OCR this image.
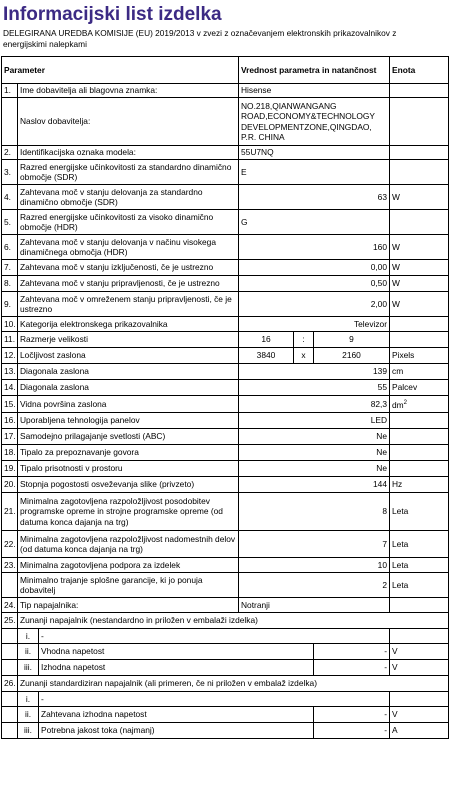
Informacijski list izdelka
DELEGIRANA UREDBA KOMISIJE (EU) 2019/2013 v zvezi z označevanjem elektronskih prikazovalnikov z energijskimi nalepkami
Parameter			Vrednost parametra in natančnost			Enota
1.	Ime dobavitelja ali blagovna znamka:		Hisense			
	Naslov dobavitelja:		NO.218,QIANWANGANG ROAD,ECONOMY&TECHNOLOGY DEVELOPMENTZONE,QINGDAO, P.R. CHINA			
2.	Identifikacijska oznaka modela:		55U7NQ			
3.	Razred energijske učinkovitosti za standardno dinamično območje (SDR)		E			
4.	Zahtevana moč v stanju delovanja za standardno dinamično območje (SDR)		63			W
5.	Razred energijske učinkovitosti za visoko dinamično območje (HDR)		G			
6.	Zahtevana moč v stanju delovanja v načinu visokega dinamičnega območja (HDR)		160			W
7.	Zahtevana moč v stanju izključenosti, če je ustrezno		0,00			W
8.	Zahtevana moč v stanju pripravljenosti, če je ustrezno		0,50			W
9.	Zahtevana moč v omreženem stanju pripravljenosti, če je ustrezno		2,00			W
10.	Kategorija elektronskega prikazovalnika		Televizor			
11.	Razmerje velikosti		16	:	9	
12.	Ločljivost zaslona		3840	x	2160	Pixels
13.	Diagonala zaslona		139			cm
14.	Diagonala zaslona		55			Palcev
15.	Vidna površina zaslona		82,3			$dm^2$
16.	Uporabljena tehnologija panelov		LED			
17.	Samodejno prilagajanje svetlosti (ABC)		Ne			
18.	Tipalo za prepoznavanje govora		Ne			
19.	Tipalo prisotnosti v prostoru		Ne			
20.	Stopnja pogostosti osveževanja slike (privzeto)		144			Hz
21.	Minimalna zagotovljena razpoložljivost posodobitev programske opreme in strojne programske opreme (od datuma konca dajanja na trg)		8			Leta
22.	Minimalna zagotovljena razpoložljivost nadomestnih delov (od datuma konca dajanja na trg)		7			Leta
23.	Minimalna zagotovljena podpora za izdelek		10			Leta
	Minimalno trajanje splošne garancije, ki jo ponuja dobavitelj		2			Leta
24.	Tip napajalnika:		Notranji			
25.	Zunanji napajalnik (nestandardno in priložen v embalaži izdelka)					
	i.	-				
	ii.	Vhodna napetost			-	V
	iii.	Izhodna napetost			-	V
26.	Zunanji standardiziran napajalnik (ali primeren, če ni priložen v embalaž izdelka)					
	i.	-				
	ii.	Zahtevana izhodna napetost			-	V
	iii.	Potrebna jakost toka (najmanj)			-	A
